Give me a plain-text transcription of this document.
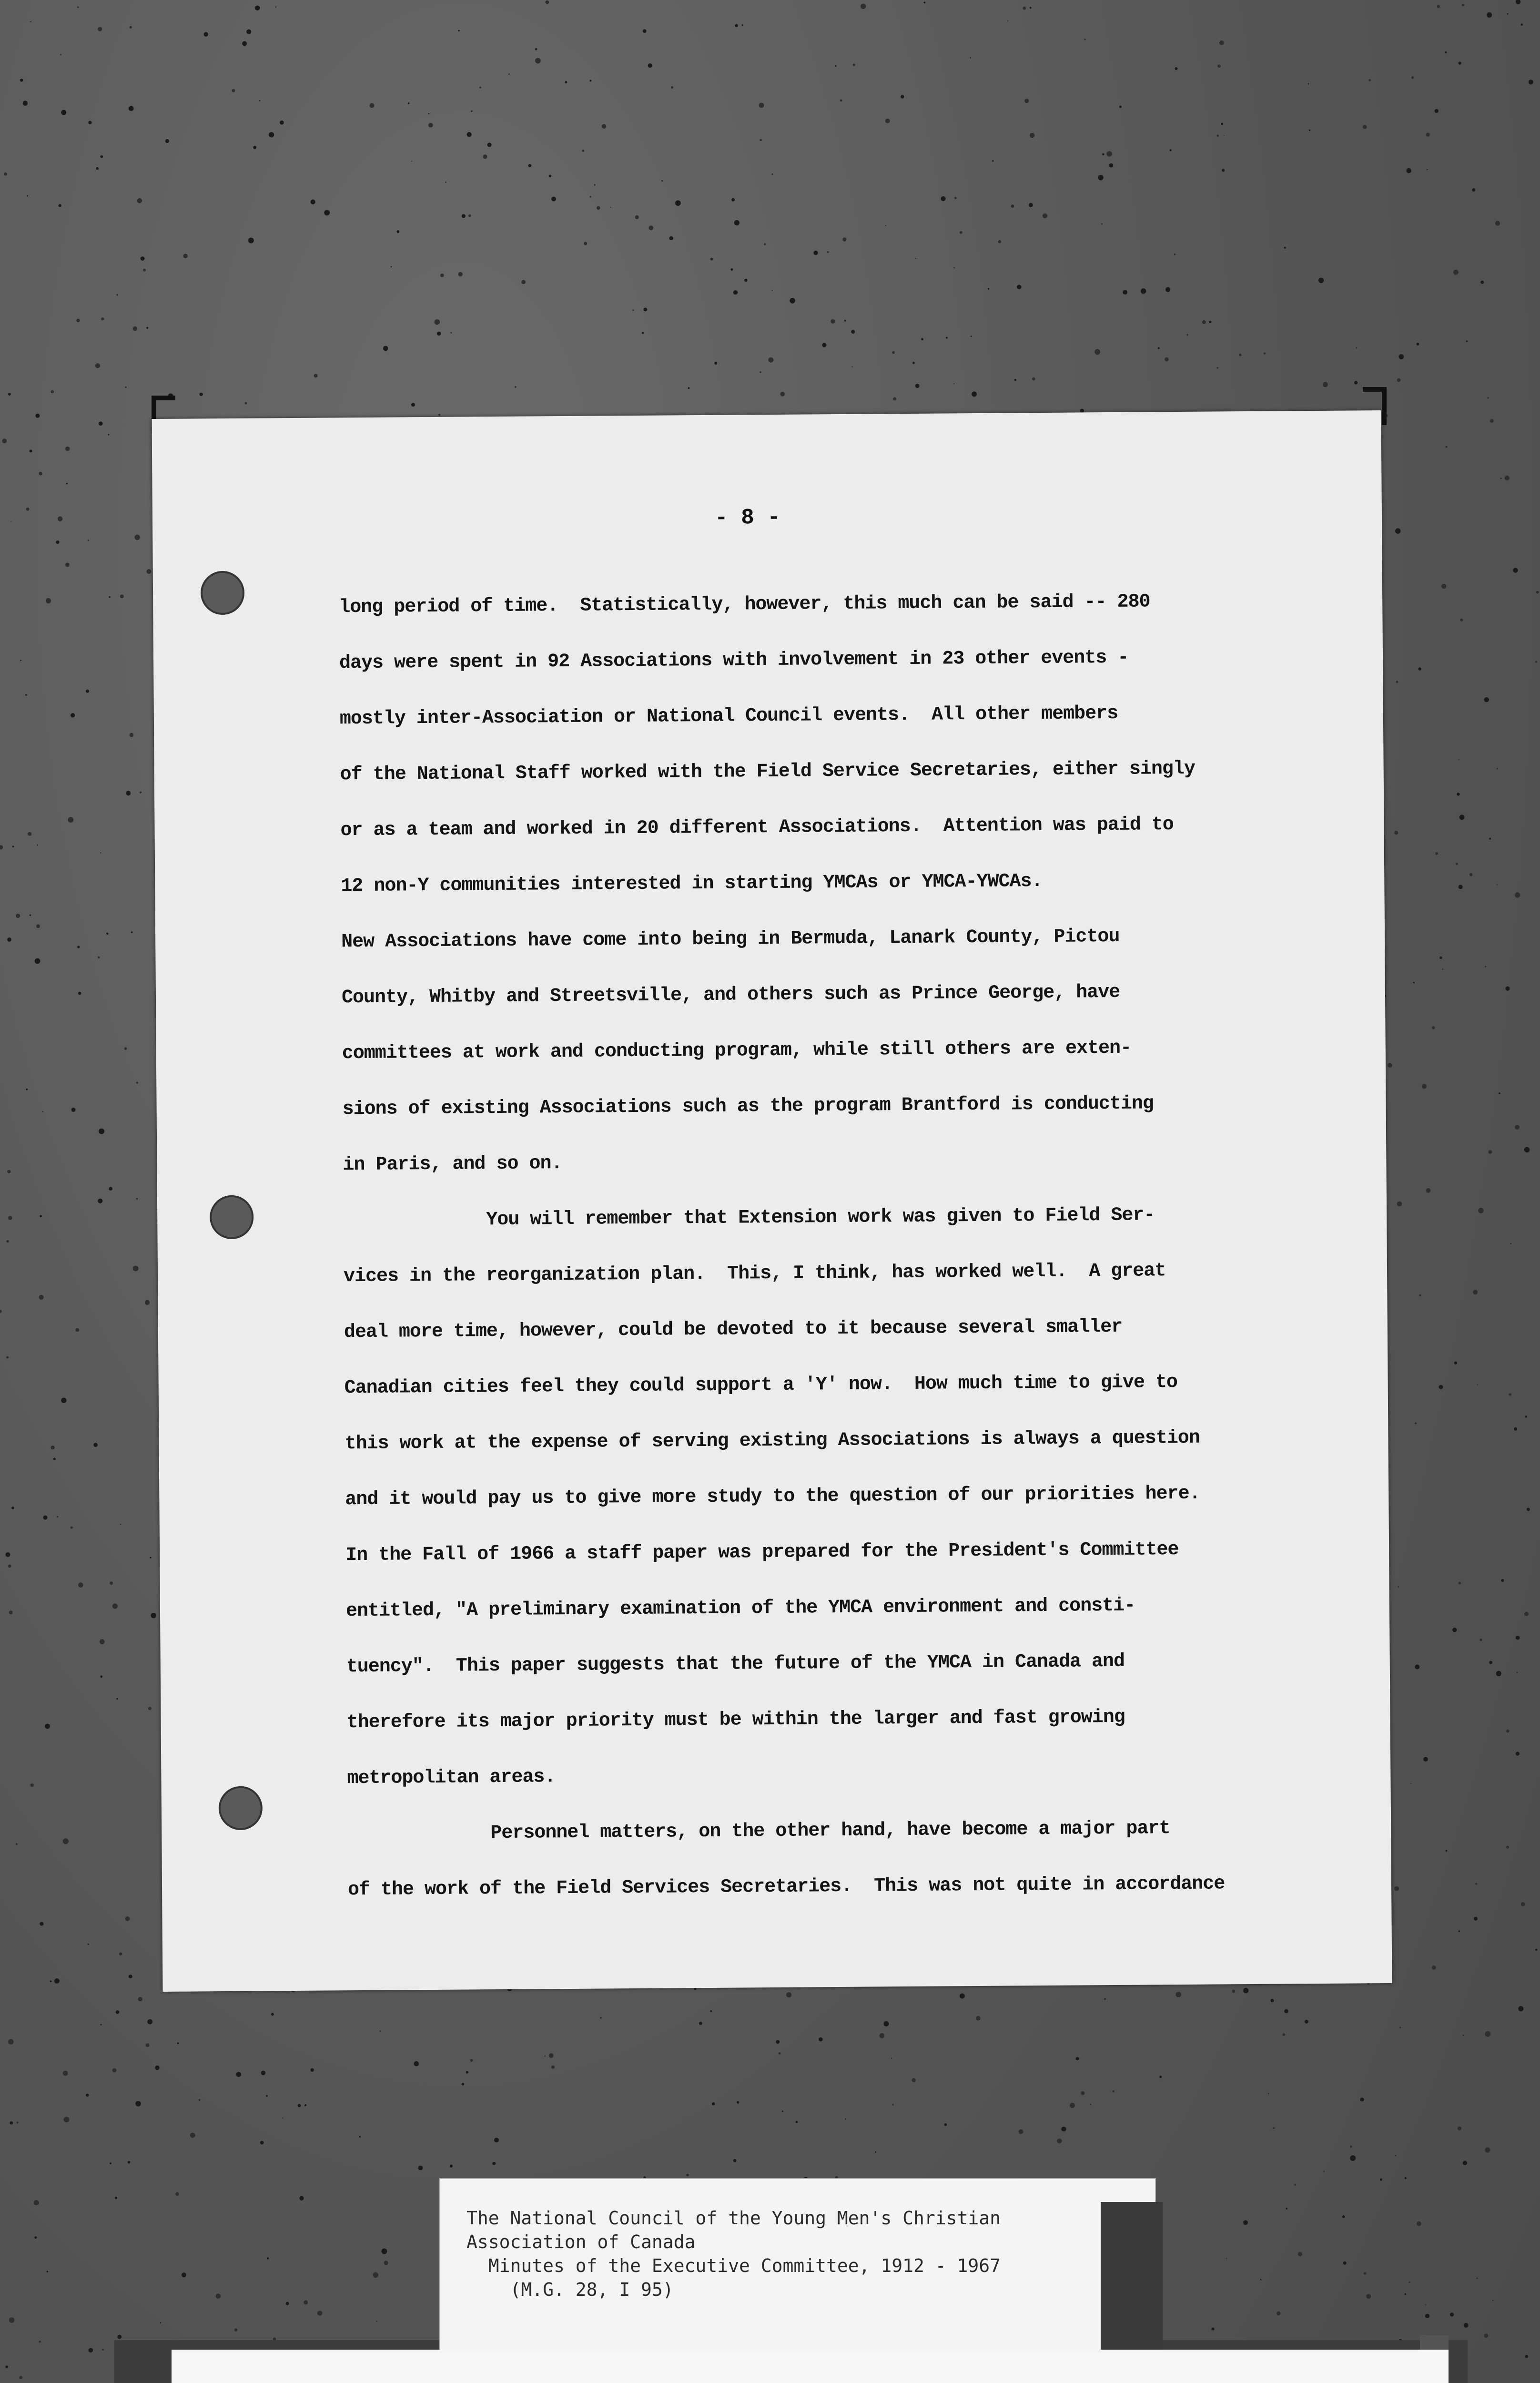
- 8 -
long period of time.  Statistically, however, this much can be said -- 280
days were spent in 92 Associations with involvement in 23 other events -
mostly inter-Association or National Council events.  All other members
of the National Staff worked with the Field Service Secretaries, either singly
or as a team and worked in 20 different Associations.  Attention was paid to
12 non-Y communities interested in starting YMCAs or YMCA-YWCAs.
New Associations have come into being in Bermuda, Lanark County, Pictou
County, Whitby and Streetsville, and others such as Prince George, have
committees at work and conducting program, while still others are exten-
sions of existing Associations such as the program Brantford is conducting
in Paris, and so on.
You will remember that Extension work was given to Field Ser-
vices in the reorganization plan.  This, I think, has worked well.  A great
deal more time, however, could be devoted to it because several smaller
Canadian cities feel they could support a 'Y' now.  How much time to give to
this work at the expense of serving existing Associations is always a question
and it would pay us to give more study to the question of our priorities here.
In the Fall of 1966 a staff paper was prepared for the President's Committee
entitled, "A preliminary examination of the YMCA environment and consti-
tuency".  This paper suggests that the future of the YMCA in Canada and
therefore its major priority must be within the larger and fast growing
metropolitan areas.
Personnel matters, on the other hand, have become a major part
of the work of the Field Services Secretaries.  This was not quite in accordance
The National Council of the Young Men's Christian
Association of Canada
Minutes of the Executive Committee, 1912 - 1967
(M.G. 28, I 95)
